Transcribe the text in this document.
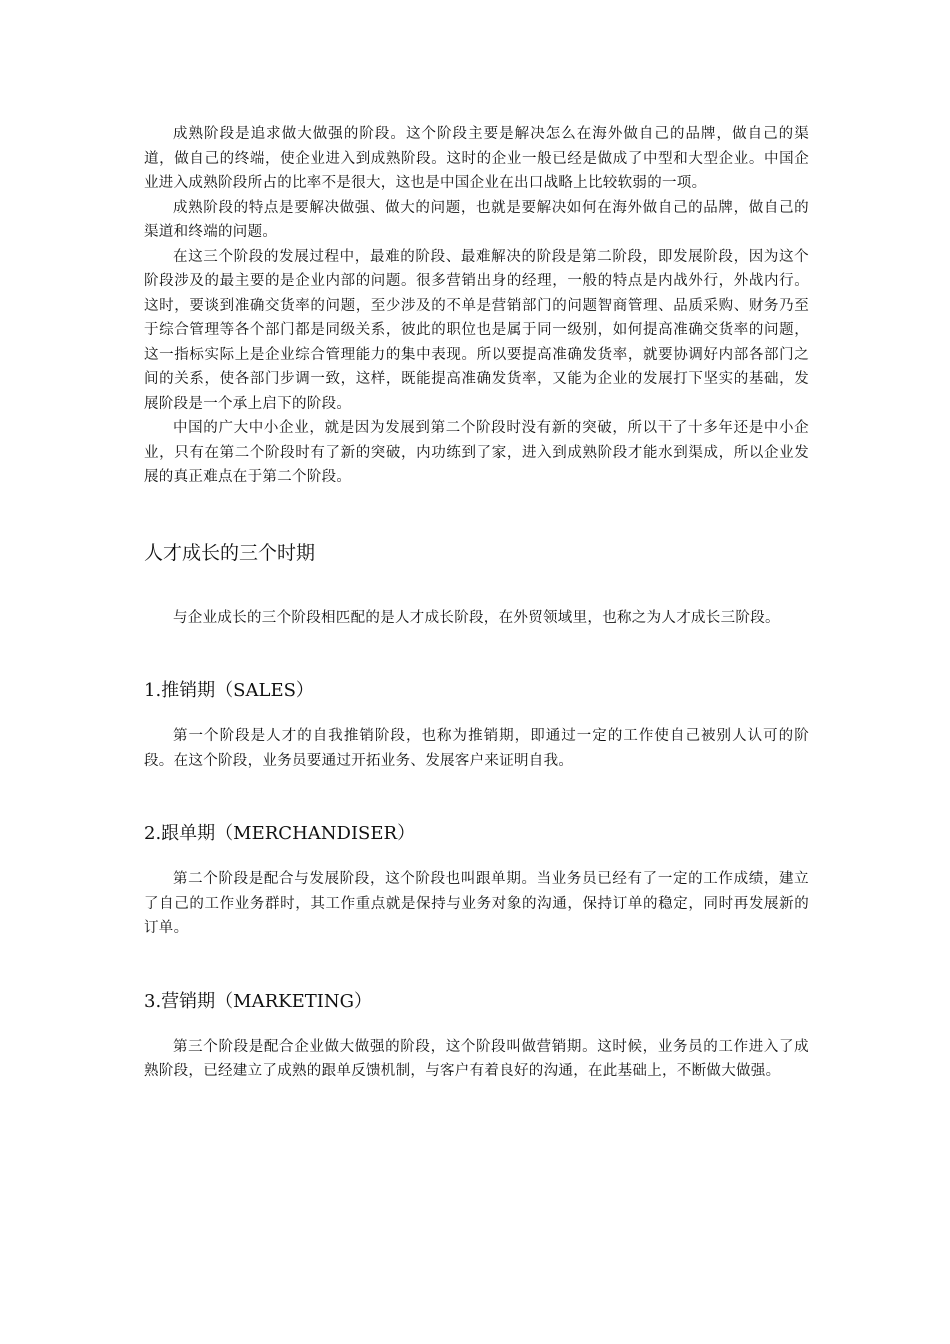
成熟阶段是追求做大做强的阶段。这个阶段主要是解决怎么在海外做自己的品牌，做自己的渠道，做自己的终端，使企业进入到成熟阶段。这时的企业一般已经是做成了中型和大型企业。中国企业进入成熟阶段所占的比率不是很大，这也是中国企业在出口战略上比较软弱的一项。

成熟阶段的特点是要解决做强、做大的问题，也就是要解决如何在海外做自己的品牌，做自己的渠道和终端的问题。

在这三个阶段的发展过程中，最难的阶段、最难解决的阶段是第二阶段，即发展阶段，因为这个阶段涉及的最主要的是企业内部的问题。很多营销出身的经理，一般的特点是内战外行，外战内行。这时，要谈到准确交货率的问题，至少涉及的不单是营销部门的问题智商管理、品质采购、财务乃至于综合管理等各个部门都是同级关系，彼此的职位也是属于同一级别，如何提高准确交货率的问题，这一指标实际上是企业综合管理能力的集中表现。所以要提高准确发货率，就要协调好内部各部门之间的关系，使各部门步调一致，这样，既能提高准确发货率，又能为企业的发展打下坚实的基础，发展阶段是一个承上启下的阶段。

中国的广大中小企业，就是因为发展到第二个阶段时没有新的突破，所以干了十多年还是中小企业，只有在第二个阶段时有了新的突破，内功练到了家，进入到成熟阶段才能水到渠成，所以企业发展的真正难点在于第二个阶段。

人才成长的三个时期

与企业成长的三个阶段相匹配的是人才成长阶段，在外贸领域里，也称之为人才成长三阶段。

1.推销期（SALES）

第一个阶段是人才的自我推销阶段，也称为推销期，即通过一定的工作使自己被别人认可的阶段。在这个阶段，业务员要通过开拓业务、发展客户来证明自我。

2.跟单期（MERCHANDISER）

第二个阶段是配合与发展阶段，这个阶段也叫跟单期。当业务员已经有了一定的工作成绩，建立了自己的工作业务群时，其工作重点就是保持与业务对象的沟通，保持订单的稳定，同时再发展新的订单。

3.营销期（MARKETING）

第三个阶段是配合企业做大做强的阶段，这个阶段叫做营销期。这时候，业务员的工作进入了成熟阶段，已经建立了成熟的跟单反馈机制，与客户有着良好的沟通，在此基础上，不断做大做强。
